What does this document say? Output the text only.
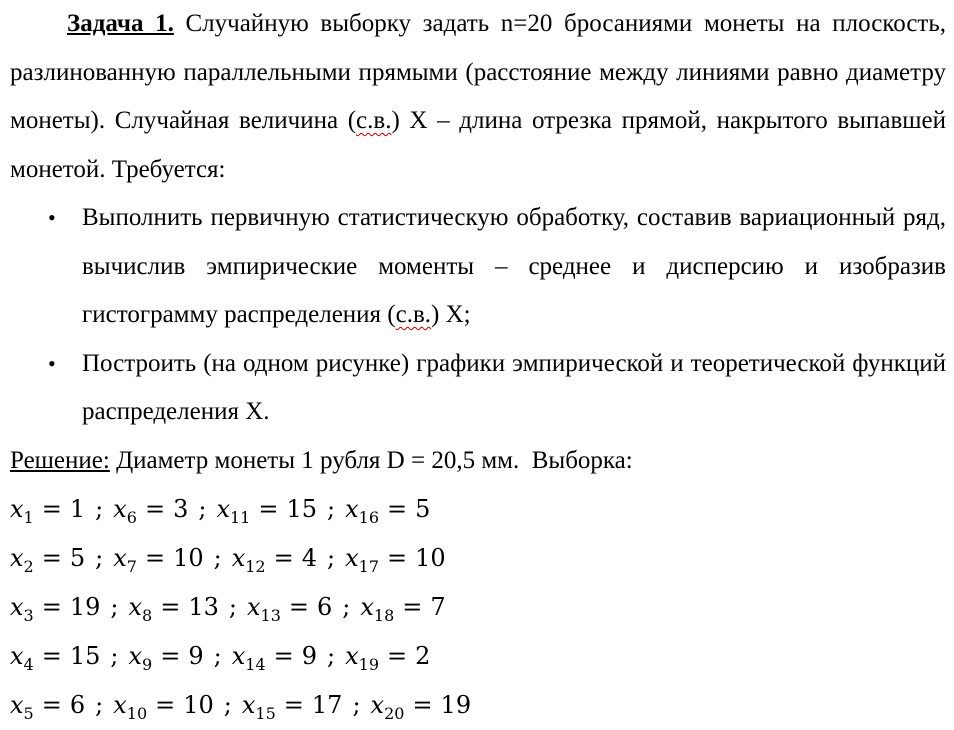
Задача 1. Случайную выборку задать n=20 бросаниями монеты на плоскость, разлинованную параллельными прямыми (расстояние между линиями равно диаметру монеты). Случайная величина (с.в.) X – длина отрезка прямой, накрытого выпавшей монетой. Требуется:

• Выполнить первичную статистическую обработку, составив вариационный ряд, вычислив эмпирические моменты – среднее и дисперсию и изобразив гистограмму распределения (с.в.) X;
• Построить (на одном рисунке) графики эмпирической и теоретической функций распределения X.
Решение: Диаметр монеты 1 рубля D = 20,5 мм.  Выборка:
$x_1 = 1$ ; $x_6 = 3$ ; $x_{11} = 15$ ; $x_{16} = 5$
$x_2 = 5$ ; $x_7 = 10$ ; $x_{12} = 4$ ; $x_{17} = 10$
$x_3 = 19$ ; $x_8 = 13$ ; $x_{13} = 6$ ; $x_{18} = 7$
$x_4 = 15$ ; $x_9 = 9$ ; $x_{14} = 9$ ; $x_{19} = 2$
$x_5 = 6$ ; $x_{10} = 10$ ; $x_{15} = 17$ ; $x_{20} = 19$
